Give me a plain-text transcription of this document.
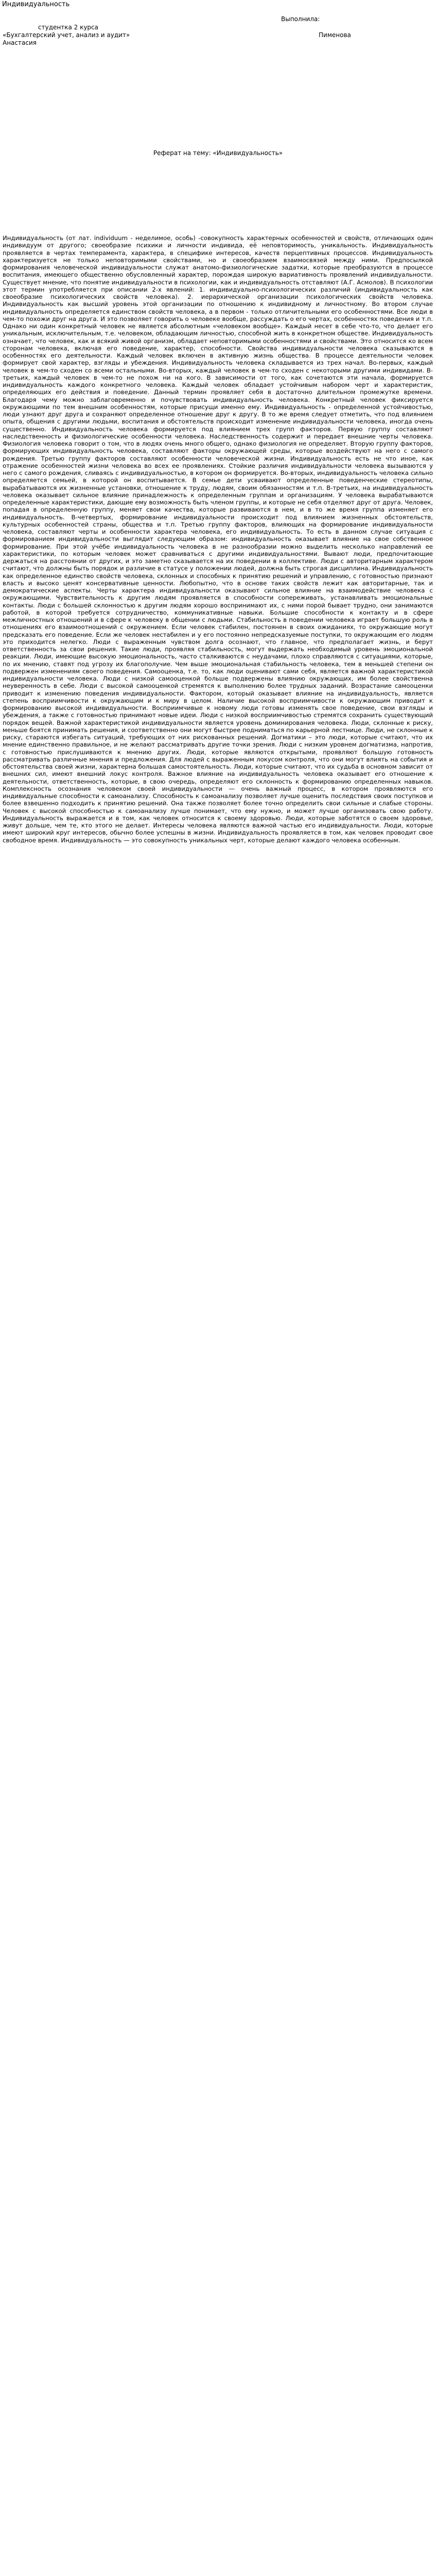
Индивидуальность
Выполнила:
студентка 2 курса
«Бухгалтерский учет, анализ и аудит»	Пименова
Анастасия
Реферат на тему: «Индивидуальность»

Индивидуальность (от лат. individuum - неделимое, особь) -совокупность характерных особенностей и свойств, отличающих один индивидуум от другого; своеобразие психики и личности индивида, её неповторимость, уникальность. Индивидуальность проявляется в чертах темперамента, характера, в специфике интересов, качеств перцептивных процессов. Индивидуальность характеризуется не только неповторимыми свойствами, но и своеобразием взаимосвязей между ними. Предпосылкой формирования человеческой индивидуальности служат анатомо-физиологические задатки, которые преобразуются в процессе воспитания, имеющего общественно обусловленный характер, порождая широкую вариативность проявлений индивидуальности. Существует мнение, что понятие индивидуальности в психологии, как и индивидуальность отставляют (А.Г. Асмолов). В психологии этот термин употребляется при описании 2-х явлений: 1. индивидуально-психологических различий (индивидуальность как своеобразие психологических свойств человека). 2. иерархической организации психологических свойств человека. Индивидуальность как высший уровень этой организации по отношению к индивидному и личностному. Во втором случае индивидуальность определяется единством свойств человека, а в первом - только отличительными его особенностями. Все люди в чем-то похожи друг на друга. И это позволяет говорить о человеке вообще, рассуждать о его чертах, особенностях поведения и т.п. Однако ни один конкретный человек не является абсолютным «человеком вообще». Каждый несет в себе что-то, что делает его уникальным, исключительным, т.е. человеком, обладающим личностью, способной жить в конкретном обществе. Индивидуальность означает, что человек, как и всякий живой организм, обладает неповторимыми особенностями и свойствами. Это относится ко всем сторонам человека, включая его поведение, характер, способности. Свойства индивидуальности человека сказываются в особенностях его деятельности. Каждый человек включен в активную жизнь общества. В процессе деятельности человек формирует свой характер, взгляды и убеждения. Индивидуальность человека складывается из трех начал. Во-первых, каждый человек в чем-то сходен со всеми остальными. Во-вторых, каждый человек в чем-то сходен с некоторыми другими индивидами. В-третьих, каждый человек в чем-то не похож ни на кого. В зависимости от того, как сочетаются эти начала, формируется индивидуальность каждого конкретного человека. Каждый человек обладает устойчивым набором черт и характеристик, определяющих его действия и поведение. Данный термин проявляет себя в достаточно длительном промежутке времени. Благодаря чему можно заблаговременно и почувствовать индивидуальность человека. Конкретный человек фиксируется окружающими по тем внешним особенностям, которые присущи именно ему. Индивидуальность - определенной устойчивостью, люди узнают друг друга и сохраняют определенное отношение друг к другу. В то же время следует отметить, что под влиянием опыта, общения с другими людьми, воспитания и обстоятельств происходит изменение индивидуальности человека, иногда очень существенно. Индивидуальность человека формируется под влиянием трех групп факторов. Первую группу составляют наследственность и физиологические особенности человека. Наследственность содержит и передает внешние черты человека. Физиология человека говорит о том, что в людях очень много общего, однако физиология не определяет. Вторую группу факторов, формирующих индивидуальность человека, составляют факторы окружающей среды, которые воздействуют на него с самого рождения. Третью группу факторов составляют особенности человеческой жизни. Индивидуальность есть не что иное, как отражение особенностей жизни человека во всех ее проявлениях. Стойкие различия индивидуальности человека вызываются у него с самого рождения, сливаясь с индивидуальностью, в котором он формируется. Во-вторых, индивидуальность человека сильно определяется семьей, в которой он воспитывается. В семье дети усваивают определенные поведенческие стереотипы, вырабатываются их жизненные установки, отношение к труду, людям, своим обязанностям и т.п. В-третьих, на индивидуальность человека оказывает сильное влияние принадлежность к определенным группам и организациям. У человека вырабатываются определенные характеристики, дающие ему возможность быть членом группы, и которые не себя отделяют друг от друга. Человек, попадая в определенную группу, меняет свои качества, которые развиваются в нем, и в то же время группа изменяет его индивидуальность. В-четвертых, формирование индивидуальности происходит под влиянием жизненных обстоятельств, культурных особенностей страны, общества и т.п. Третью группу факторов, влияющих на формирование индивидуальности человека, составляют черты и особенности характера человека, его индивидуальность. То есть в данном случае ситуация с формированием индивидуальности выглядит следующим образом: индивидуальность оказывает влияние на свое собственное формирование. При этой учёбе индивидуальность человека в не разнообразии можно выделить несколько направлений ее характеристики, по которым человек может сравниваться с другими индивидуальностями. Вывают люди, предпочитающие держаться на расстоянии от других, и это заметно сказывается на их поведении в коллективе. Люди с авторитарным характером считают, что должны быть порядок и различие в статусе у положении людей, должна быть строгая дисциплина. Индивидуальность как определенное единство свойств человека, склонных и способных к принятию решений и управлению, с готовностью признают власть и высоко ценят консервативные ценности. Любопытно, что в основе таких свойств лежит как авторитарные, так и демократические аспекты. Черты характера индивидуальности оказывают сильное влияние на взаимодействие человека с окружающими. Чувствительность к другим людям проявляется в способности сопереживать, устанавливать эмоциональные контакты. Люди с большей склонностью к другим людям хорошо воспринимают их, с ними порой бывает трудно, они занимаются работой, в которой требуется сотрудничество, коммуникативные навыки. Большие способности к контакту и в сфере межличностных отношений и в сфере к человеку в общении с людьми. Стабильность в поведении человека играет большую роль в отношениях его взаимоотношений с окружением. Если человек стабилен, постоянен в своих ожиданиях, то окружающие могут предсказать его поведение. Если же человек нестабилен и у его постоянно непредсказуемые поступки, то окружающим его людям это приходится нелегко. Люди с выраженным чувством долга осознают, что главное, что предполагает жизнь, и берут ответственность за свои решения. Такие люди, проявляя стабильность, могут выдержать необходимый уровень эмоциональной реакции. Люди, имеющие высокую эмоциональность, часто сталкиваются с неудачами, плохо справляются с ситуациями, которые, по их мнению, ставят под угрозу их благополучие. Чем выше эмоциональная стабильность человека, тем в меньшей степени он подвержен изменениям своего поведения. Самооценка, т.е. то, как люди оценивают сами себя, является важной характеристикой индивидуальности человека. Люди с низкой самооценкой больше подвержены влиянию окружающих, им более свойственна неуверенность в себе. Люди с высокой самооценкой стремятся к выполнению более трудных заданий. Возрастание самооценки приводит к изменению поведения индивидуальности. Фактором, который оказывает влияние на индивидуальность, является степень восприимчивости к окружающим и к миру в целом. Наличие высокой восприимчивости к окружающим приводит к формированию высокой индивидуальности. Восприимчивые к новому люди готовы изменять свое поведение, свои взгляды и убеждения, а также с готовностью принимают новые идеи. Люди с низкой восприимчивостью стремятся сохранить существующий порядок вещей. Важной характеристикой индивидуальности является уровень доминирования человека. Люди, склонные к риску, меньше боятся принимать решения, и соответственно они могут быстрее подниматься по карьерной лестнице. Люди, не склонные к риску, стараются избегать ситуаций, требующих от них рискованных решений. Догматики – это люди, которые считают, что их мнение единственно правильное, и не желают рассматривать другие точки зрения. Люди с низким уровнем догматизма, напротив, с готовностью прислушиваются к мнению других. Люди, которые являются открытыми, проявляют большую готовность рассматривать различные мнения и предложения. Для людей с выраженным локусом контроля, что они могут влиять на события и обстоятельства своей жизни, характерна большая самостоятельность. Люди, которые считают, что их судьба в основном зависит от внешних сил, имеют внешний локус контроля. Важное влияние на индивидуальность человека оказывает его отношение к деятельности, ответственность, которые, в свою очередь, определяют его склонность к формированию определенных навыков. Комплексность осознания человеком своей индивидуальности — очень важный процесс, в котором проявляются его индивидуальные способности к самоанализу. Способность к самоанализу позволяет лучше оценить последствия своих поступков и более взвешенно подходить к принятию решений. Она также позволяет более точно определить свои сильные и слабые стороны. Человек с высокой способностью к самоанализу лучше понимает, что ему нужно, и может лучше организовать свою работу. Индивидуальность выражается и в том, как человек относится к своему здоровью. Люди, которые заботятся о своем здоровье, живут дольше, чем те, кто этого не делает. Интересы человека являются важной частью его индивидуальности. Люди, которые имеют широкий круг интересов, обычно более успешны в жизни. Индивидуальность проявляется в том, как человек проводит свое свободное время. Индивидуальность — это совокупность уникальных черт, которые делают каждого человека особенным.
